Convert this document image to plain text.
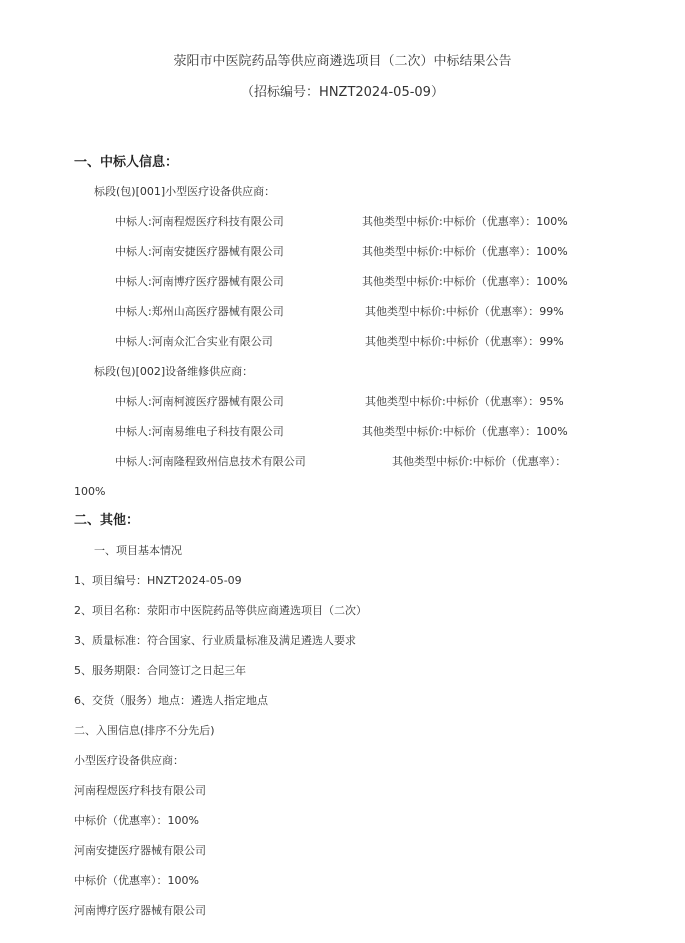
荥阳市中医院药品等供应商遴选项目（二次）中标结果公告
（招标编号：HNZT2024-05-09）
一、中标人信息：
标段(包)[001]小型医疗设备供应商：
中标人:河南程煜医疗科技有限公司	其他类型中标价:中标价（优惠率）：100%
中标人:河南安捷医疗器械有限公司	其他类型中标价:中标价（优惠率）：100%
中标人:河南博疗医疗器械有限公司	其他类型中标价:中标价（优惠率）：100%
中标人:郑州山高医疗器械有限公司	其他类型中标价:中标价（优惠率）：99%
中标人:河南众汇合实业有限公司	其他类型中标价:中标价（优惠率）：99%
标段(包)[002]设备维修供应商：
中标人:河南柯渡医疗器械有限公司	其他类型中标价:中标价（优惠率）：95%
中标人:河南易维电子科技有限公司	其他类型中标价:中标价（优惠率）：100%
中标人:河南隆程致州信息技术有限公司	其他类型中标价:中标价（优惠率）：
100%
二、其他：
一、项目基本情况
1、项目编号：HNZT2024-05-09
2、项目名称：荥阳市中医院药品等供应商遴选项目（二次）
3、质量标准：符合国家、行业质量标准及满足遴选人要求
5、服务期限：合同签订之日起三年
6、交货（服务）地点：遴选人指定地点
二、入围信息(排序不分先后)
小型医疗设备供应商：
河南程煜医疗科技有限公司
中标价（优惠率）：100%
河南安捷医疗器械有限公司
中标价（优惠率）：100%
河南博疗医疗器械有限公司
